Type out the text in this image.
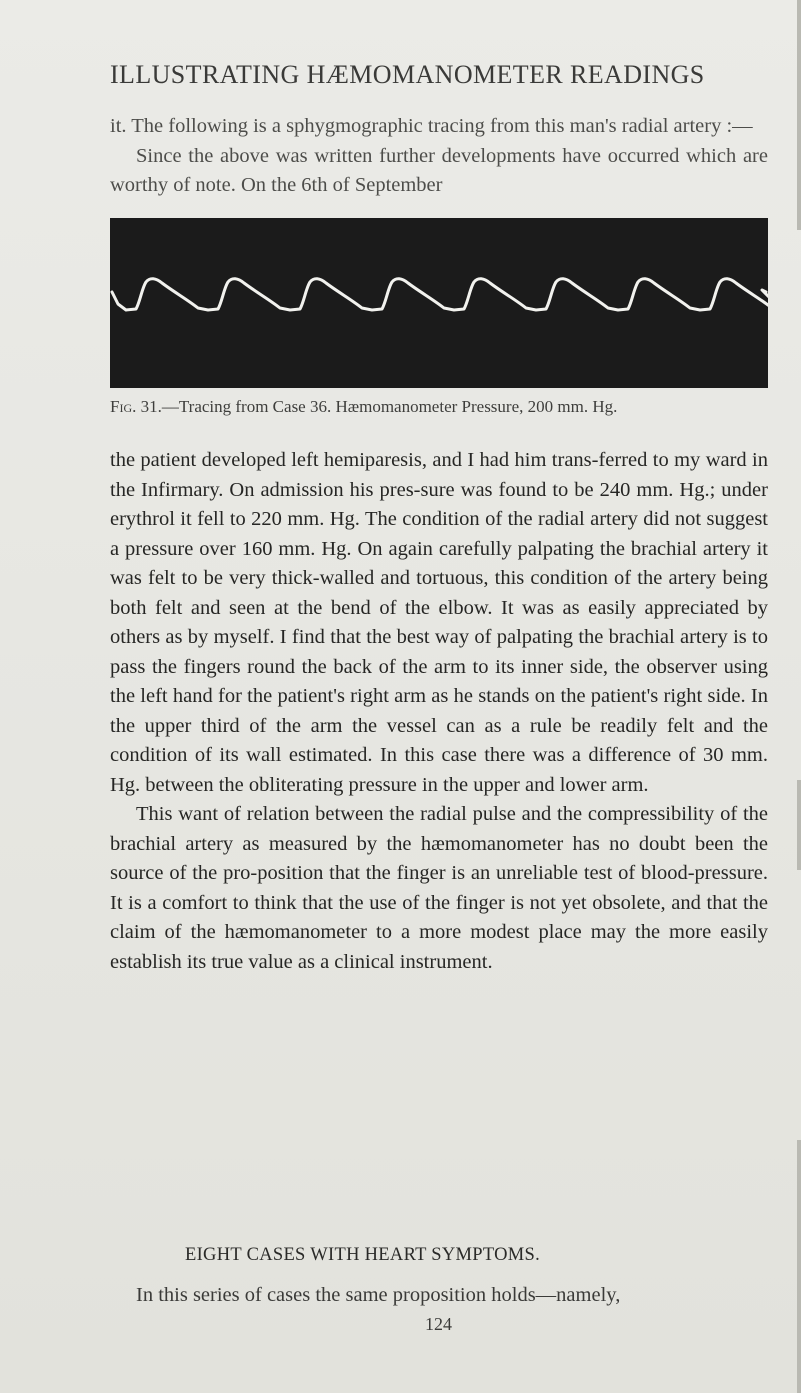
ILLUSTRATING HÆMOMANOMETER READINGS
it. The following is a sphygmographic tracing from this man's radial artery :—
Since the above was written further developments have occurred which are worthy of note. On the 6th of September
Fig. 31.—Tracing from Case 36. Hæmomanometer Pressure, 200 mm. Hg.

the patient developed left hemiparesis, and I had him trans-ferred to my ward in the Infirmary. On admission his pres-sure was found to be 240 mm. Hg.; under erythrol it fell to 220 mm. Hg. The condition of the radial artery did not suggest a pressure over 160 mm. Hg. On again carefully palpating the brachial artery it was felt to be very thick-walled and tortuous, this condition of the artery being both felt and seen at the bend of the elbow. It was as easily appreciated by others as by myself. I find that the best way of palpating the brachial artery is to pass the fingers round the back of the arm to its inner side, the observer using the left hand for the patient's right arm as he stands on the patient's right side. In the upper third of the arm the vessel can as a rule be readily felt and the condition of its wall estimated. In this case there was a difference of 30 mm. Hg. between the obliterating pressure in the upper and lower arm.

This want of relation between the radial pulse and the compressibility of the brachial artery as measured by the hæmomanometer has no doubt been the source of the pro-position that the finger is an unreliable test of blood-pressure. It is a comfort to think that the use of the finger is not yet obsolete, and that the claim of the hæmomanometer to a more modest place may the more easily establish its true value as a clinical instrument.

EIGHT CASES WITH HEART SYMPTOMS.
In this series of cases the same proposition holds—namely,
124
